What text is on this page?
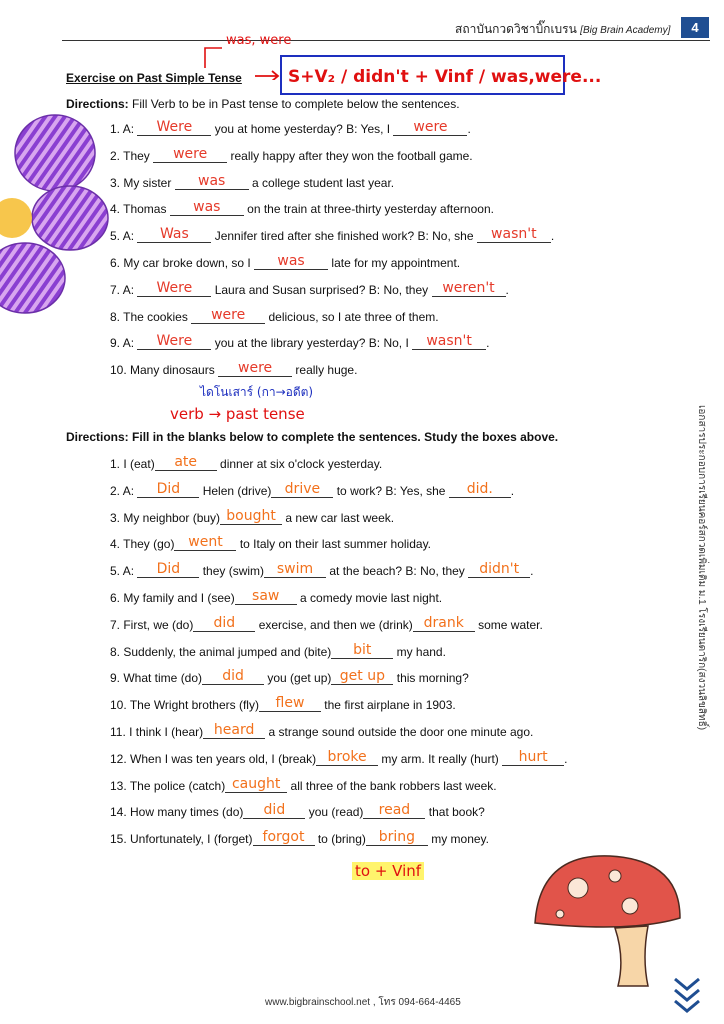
สถาบันกวดวิชาบิ๊กเบรน [Big Brain Academy]	4
Exercise on Past Simple Tense
was, were
S+V₂ / didn't + Vinf / was,were...
Directions: Fill Verb to be in Past tense to complete below the sentences.
1. A:	Were	you at home yesterday? B: Yes, I	were	.
2. They	were	really happy after they won the football game.
3. My sister	was	a college student last year.
4. Thomas	was	on the train at three-thirty yesterday afternoon.
5. A:	Was	Jennifer tired after she finished work? B: No, she	wasn't	.
6. My car broke down, so I	was	late for my appointment.
7. A:	Were	Laura and Susan surprised? B: No, they weren't .
8. The cookies	were	delicious, so I ate three of them.
9. A:	Were	you at the library yesterday? B: No, I	wasn't	.
10. Many dinosaurs	were	really huge.
ไดโนเสาร์ (กา→อดีต)
verb → past tense
Directions: Fill in the blanks below to complete the sentences. Study the boxes above.
1. I (eat)	ate	dinner at six o'clock yesterday.
2. A:	Did	Helen (drive) drive	to work? B: Yes, she	did.	.
3. My neighbor (buy) bought a new car last week.
4. They (go) went	to Italy on their last summer holiday.
5. A:	Did	they (swim) swim	at the beach? B: No, they didn't .
6. My family and I (see)	saw	a comedy movie last night.
7. First, we (do)	did	exercise, and then we (drink) drank some water.
8. Suddenly, the animal jumped and (bite)	bit	my hand.
9. What time (do)	did	you (get up) get up this morning?
10. The Wright brothers (fly)	flew	the first airplane in 1903.
11. I think I (hear) heard a strange sound outside the door one minute ago.
12. When I was ten years old, I (break) broke my arm. It really (hurt)	hurt	.
13. The police (catch) caught all three of the bank robbers last week.
14. How many times (do)	did	you (read)	read	that book?
15. Unfortunately, I (forget) forgot to (bring) bring	my money.
to + Vinf
เอกสารประกอบการเรียนคอร์สกวดเพิ่มเติม ม.1 โรงเรียนดาริก(สงวนลิขสิทธิ์)
www.bigbrainschool.net , โทร 094-664-4465
